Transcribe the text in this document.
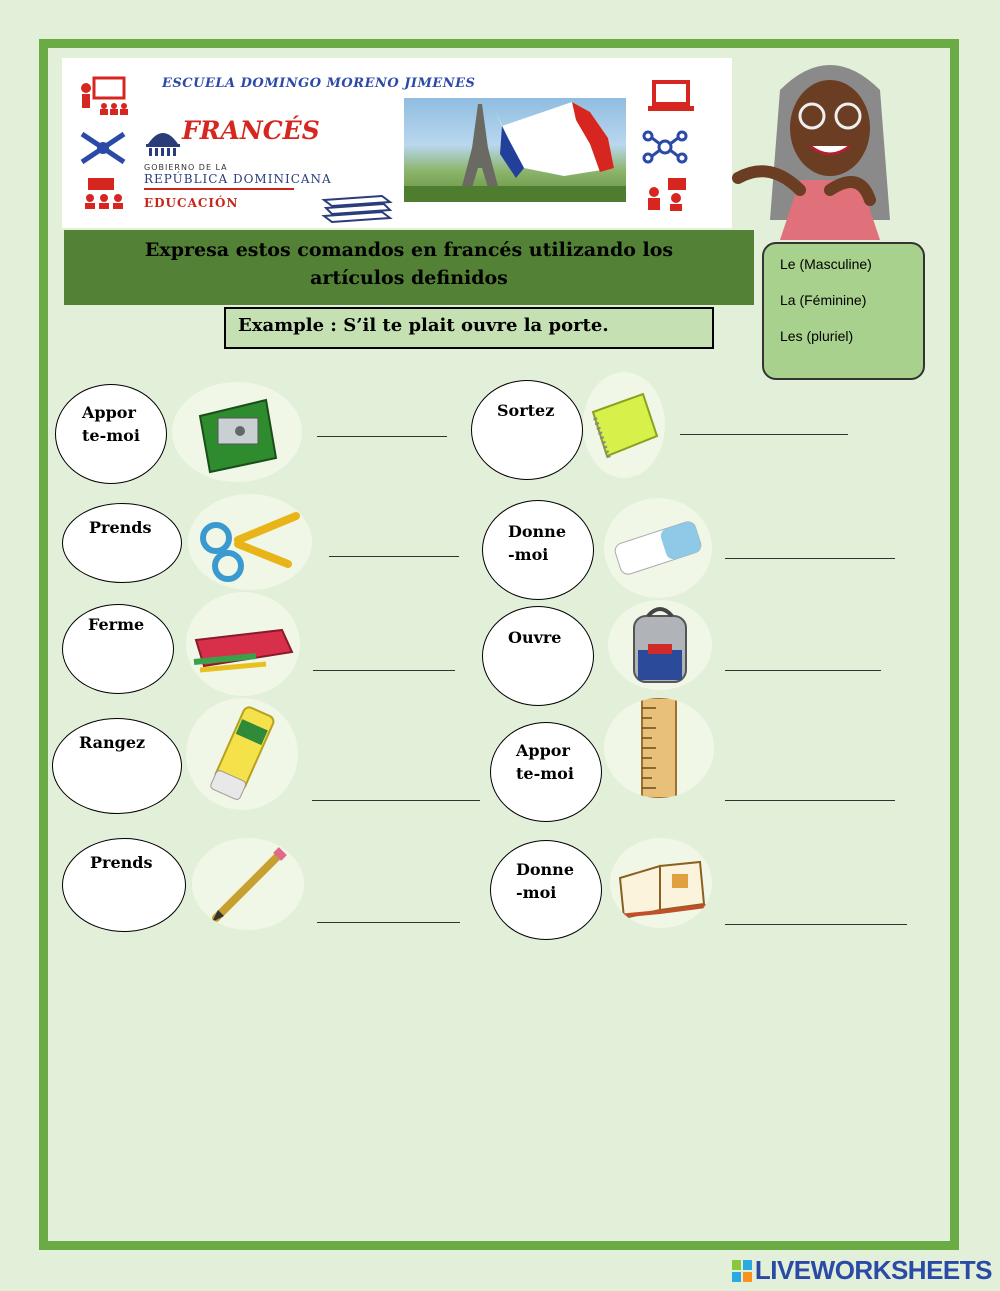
ESCUELA DOMINGO MORENO JIMENES
FRANCÉS
GOBIERNO DE LA
REPÚBLICA DOMINICANA
EDUCACIÓN
Expresa estos comandos en francés utilizando los
artículos definidos
Example : S’il te plait ouvre la porte.
Le (Masculine)
La (Féminine)
Les (pluriel)
Appor
te-moi
Sortez
Prends	Donne
-moi
Ferme
Ouvre
Rangez	Appor
te-moi
Prends	Donne
-moi
LIVEWORKSHEETS
